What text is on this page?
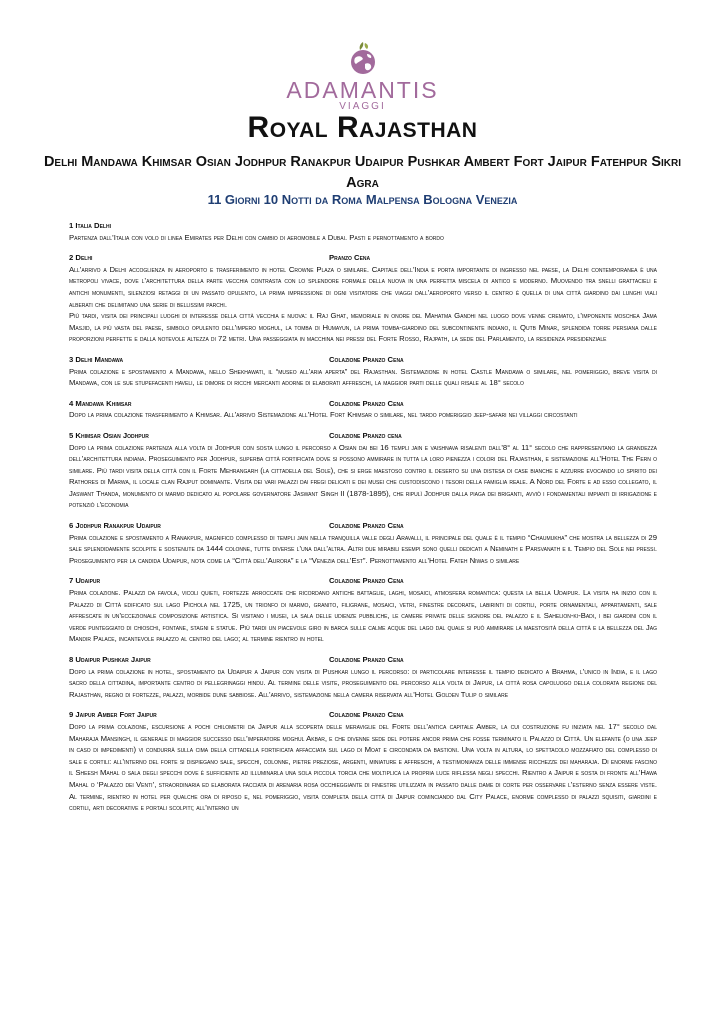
ADAMANTIS
VIAGGI
Royal Rajasthan
Delhi Mandawa Khimsar Osian Jodhpur Ranakpur Udaipur Pushkar Ambert Fort Jaipur Fatehpur Sikri Agra
11 Giorni 10 Notti da Roma Malpensa Bologna Venezia
1 Italia Delhi

Partenza dall’Italia con volo di linea Emirates per Delhi con cambio di aeromobile a Dubai. Pasti e pernottamento a bordo

2 Delhi	Pranzo Cena

All’arrivo a Delhi accoglienza in aeroporto e trasferimento in hotel Crowne Plaza o similare. Capitale dell’India e porta importante di ingresso nel paese, la Delhi contemporanea è una metropoli vivace, dove l’architettura della parte vecchia contrasta con lo splendore formale della nuova in una perfetta miscela di antico e moderno. Muovendo tra snelli grattacieli e antichi monumenti, silenziosi retaggi di un passato opulento, la prima impressione di ogni visitatore che viaggi dall’aeroporto verso il centro è quella di una città giardino dai lunghi viali alberati che delimitano una serie di bellissimi parchi.

Più tardi, visita dei principali luoghi di interesse della città vecchia e nuova: il Raj Ghat, memoriale in onore del Mahatma Gandhi nel luogo dove venne cremato, l’imponente moschea Jama Masjid, la più vasta del paese, simbolo opulento dell’impero moghul, la tomba di Humayun, la prima tomba-giardino del subcontinente indiano, il Qutb Minar, splendida torre persiana dalle proporzioni perfette e dalla notevole altezza di 72 metri. Una passeggiata in macchina nei pressi del Forte Rosso, Rajpath, la sede del Parlamento, la residenza presidenziale

3 Delhi Mandawa	Colazione Pranzo Cena

Prima colazione e spostamento a Mandawa, nello Shekhawati, il “museo all’aria aperta” del Rajasthan. Sistemazione in hotel Castle Mandawa o similare, nel pomeriggio, breve visita di Mandawa, con le sue stupefacenti haveli, le dimore di ricchi mercanti adorne di elaborati affreschi, la maggior parti delle quali risale al 18° secolo

4 Mandawa Khimsar	Colazione Pranzo Cena

Dopo la prima colazione trasferimento a Khimsar. All’arrivo Sistemazione all’Hotel Fort Khimsar o similare, nel tardo pomeriggio jeep-safari nei villaggi circostanti

5 Khimsar Osian Jodhpur	Colazione Pranzo cena

Dopo la prima colazione partenza alla volta di Jodhpur con sosta lungo il percorso a Osian dai bei 16 templi jain e vaishnava risalenti dall’8° al 11° secolo che rappresentano la grandezza dell’architettura indiana. Proseguimento per Jodhpur, superba città fortificata dove si possono ammirare in tutta la loro pienezza i colori del Rajasthan, e sistemazione all’Hotel The Fern o similare. Più tardi visita della città con il Forte Mehrangarh (la cittadella del Sole), che si erge maestoso contro il deserto su una distesa di case bianche e azzurre evocando lo spirito dei Rathores di Marwa, il locale clan Rajput dominante. Visita dei vari palazzi dai fregi delicati e dei musei che custodiscono i tesori della famiglia reale. A Nord del Forte e ad esso collegato, il Jaswant Thanda, monumento di marmo dedicato al popolare governatore Jaswant Singh II (1878-1895), che ripulì Jodhpur dalla piaga dei briganti, avviò i fondamentali impianti di irrigazione e potenziò l’economia

6 Jodhpur Ranakpur Udaipur	Colazione Pranzo Cena

Prima colazione e spostamento a Ranakpur, magnifico complesso di templi jain nella tranquilla valle degli Aravalli, il principale del quale è il tempio “Chaumukha” che mostra la bellezza di 29 sale splendidamente scolpite e sostenute da 1444 colonne, tutte diverse l’una dall’altra. Altri due mirabili esempi sono quelli dedicati a Neminath e Parsvanath e il Tempio del Sole nei pressi. Proseguimento per la candida Udaipur, nota come la “Città dell’Aurora” e la “Venezia dell’Est”. Pernottamento all’Hotel Fateh Niwas o similare

7 Udaipur	Colazione Pranzo Cena

Prima colazione. Palazzi da favola, vicoli quieti, fortezze arroccate che ricordano antiche battaglie, laghi, mosaici, atmosfera romantica: questa la bella Udaipur. La visita ha inizio con il Palazzo di Città edificato sul lago Pichola nel 1725, un trionfo di marmo, granito, filigrane, mosaici, vetri, finestre decorate, labirinti di cortili, porte ornamentali, appartamenti, sale affrescate in un’eccezionale composizione artistica. Si visitano i musei, la sala delle udienze pubbliche, le camere private delle signore del palazzo e il Sahelion-ki-Badi, i bei giardini con il verde punteggiato di chioschi, fontane, stagni e statue. Più tardi un piacevole giro in barca sulle calme acque del lago dal quale si può ammirare la maestosità della città e la bellezza del Jag Mandir Palace, incantevole palazzo al centro del lago; al termine rientro in hotel

8 Udaipur Pushkar Jaipur	Colazione Pranzo Cena

Dopo la prima colazione in hotel, spostamento da Udaipur a Jaipur con visita di Pushkar lungo il percorso: di particolare interesse il tempio dedicato a Brahma, l’unico in India, e il lago sacro della cittadina, importante centro di pellegrinaggi hindu. Al termine delle visite, proseguimento del percorso alla volta di Jaipur, la città rosa capoluogo della colorata regione del Rajasthan, regno di fortezze, palazzi, morbide dune sabbiose. All’arrivo, sistemazione nella camera riservata all’Hotel Golden Tulip o similare

9 Jaipur Amber Fort Jaipur	Colazione Pranzo Cena

Dopo la prima colazione, escursione a pochi chilometri da Jaipur alla scoperta delle meraviglie del Forte dell’antica capitale Amber, la cui costruzione fu iniziata nel 17° secolo dal Maharaja Mansingh, il generale di maggior successo dell’imperatore moghul Akbar, e che divenne sede del potere ancor prima che fosse terminato il Palazzo di Città. Un elefante (o una jeep in caso di impedimenti) vi condurrà sulla cima della cittadella fortificata affacciata sul lago di Moat e circondata da bastioni. Una volta in altura, lo spettacolo mozzafiato del complesso di sale e cortili: all’interno del forte si dispiegano sale, specchi, colonne, pietre preziose, argenti, miniature e affreschi, a testimonianza delle immense ricchezze dei maharaja. Di enorme fascino il Sheesh Mahal o sala degli specchi dove è sufficiente ad illuminarla una sola piccola torcia che moltiplica la propria luce riflessa negli specchi. Rientro a Jaipur e sosta di fronte all’Hawa Mahal o ‘Palazzo dei Venti’, straordinaria ed elaborata facciata di arenaria rosa occhieggiante di finestre utilizzata in passato dalle dame di corte per osservare l’esterno senza essere viste. Al termine, rientro in hotel per qualche ora di riposo e, nel pomeriggio, visita completa della città di Jaipur cominciando dal City Palace, enorme complesso di palazzi squisiti, giardini e cortili, arti decorative e portali scolpiti; all’interno un
